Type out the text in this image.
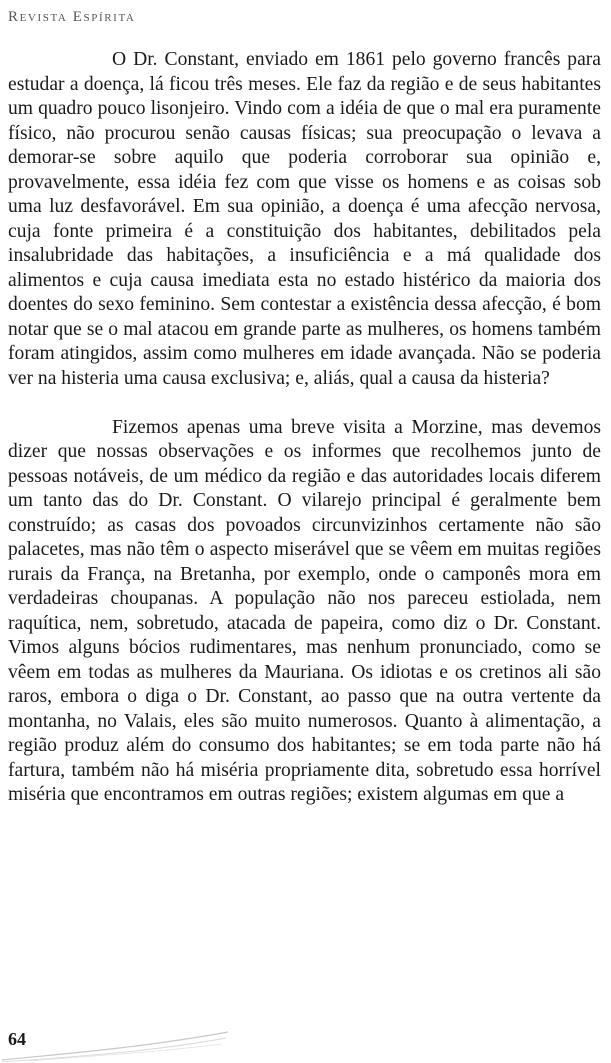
Revista Espírita

O Dr. Constant, enviado em 1861 pelo governo francês para estudar a doença, lá ficou três meses. Ele faz da região e de seus habitantes um quadro pouco lisonjeiro. Vindo com a idéia de que o mal era puramente físico, não procurou senão causas físicas; sua preocupação o levava a demorar-se sobre aquilo que poderia corroborar sua opinião e, provavelmente, essa idéia fez com que visse os homens e as coisas sob uma luz desfavorável. Em sua opinião, a doença é uma afecção nervosa, cuja fonte primeira é a constituição dos habitantes, debilitados pela insalubridade das habitações, a insuficiência e a má qualidade dos alimentos e cuja causa imediata esta no estado histérico da maioria dos doentes do sexo feminino. Sem contestar a existência dessa afecção, é bom notar que se o mal atacou em grande parte as mulheres, os homens também foram atingidos, assim como mulheres em idade avançada. Não se poderia ver na histeria uma causa exclusiva; e, aliás, qual a causa da histeria?

Fizemos apenas uma breve visita a Morzine, mas devemos dizer que nossas observações e os informes que recolhemos junto de pessoas notáveis, de um médico da região e das autoridades locais diferem um tanto das do Dr. Constant. O vilarejo principal é geralmente bem construído; as casas dos povoados circunvizinhos certamente não são palacetes, mas não têm o aspecto miserável que se vêem em muitas regiões rurais da França, na Bretanha, por exemplo, onde o camponês mora em verdadeiras choupanas. A população não nos pareceu estiolada, nem raquítica, nem, sobretudo, atacada de papeira, como diz o Dr. Constant. Vimos alguns bócios rudimentares, mas nenhum pronunciado, como se vêem em todas as mulheres da Mauriana. Os idiotas e os cretinos ali são raros, embora o diga o Dr. Constant, ao passo que na outra vertente da montanha, no Valais, eles são muito numerosos. Quanto à alimentação, a região produz além do consumo dos habitantes; se em toda parte não há fartura, também não há miséria propriamente dita, sobretudo essa horrível miséria que encontramos em outras regiões; existem algumas em que a

64
